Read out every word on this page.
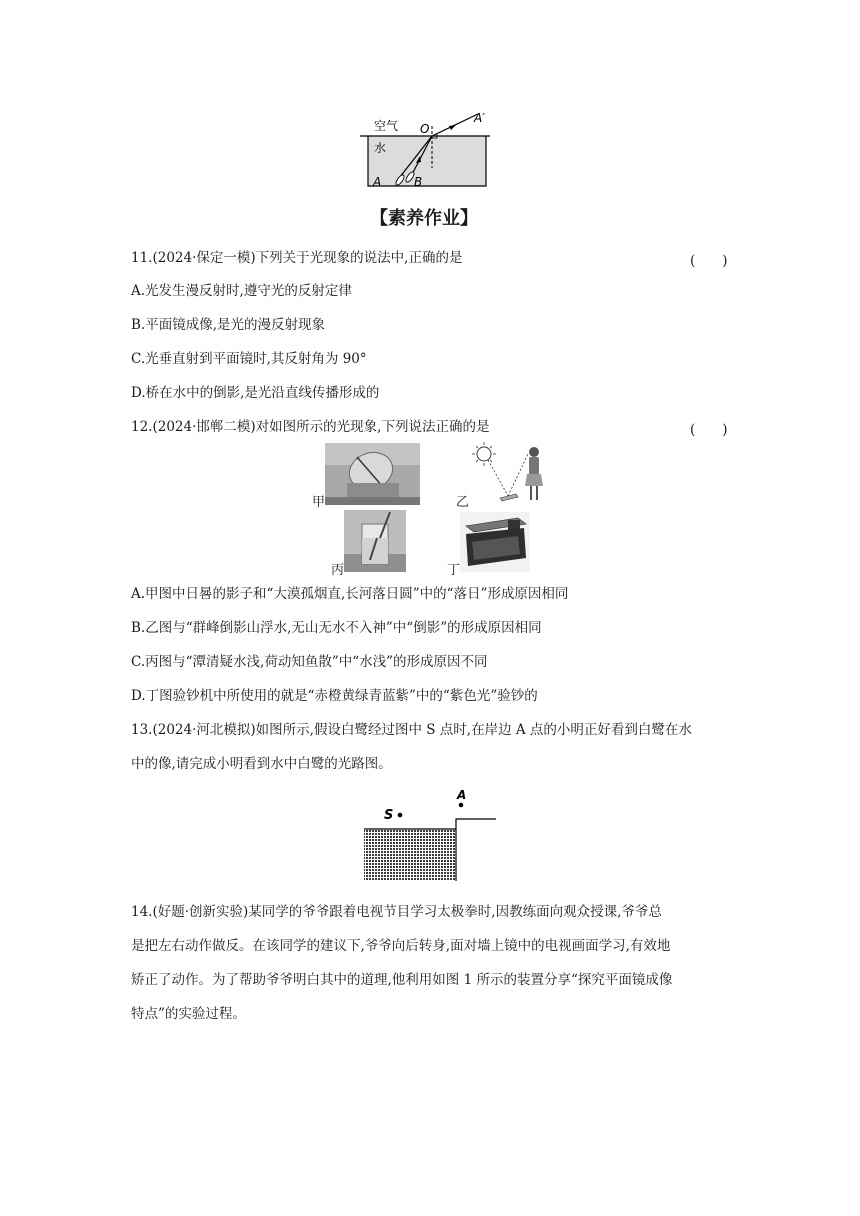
空气
水
O
A′
A	B
【素养作业】
11.(2024·保定一模)下列关于光现象的说法中,正确的是	(　　)
A.光发生漫反射时,遵守光的反射定律
B.平面镜成像,是光的漫反射现象
C.光垂直射到平面镜时,其反射角为 90°
D.桥在水中的倒影,是光沿直线传播形成的
12.(2024·邯郸二模)对如图所示的光现象,下列说法正确的是	(　　)
甲	乙
丙	丁
A.甲图中日晷的影子和“大漠孤烟直,长河落日圆”中的“落日”形成原因相同
B.乙图与“群峰倒影山浮水,无山无水不入神”中“倒影”的形成原因相同
C.丙图与“潭清疑水浅,荷动知鱼散”中“水浅”的形成原因不同
D.丁图验钞机中所使用的就是“赤橙黄绿青蓝紫”中的“紫色光”验钞的
13.(2024·河北模拟)如图所示,假设白鹭经过图中 S 点时,在岸边 A 点的小明正好看到白鹭在水
中的像,请完成小明看到水中白鹭的光路图。
S
A
14.(好题·创新实验)某同学的爷爷跟着电视节目学习太极拳时,因教练面向观众授课,爷爷总
是把左右动作做反。在该同学的建议下,爷爷向后转身,面对墙上镜中的电视画面学习,有效地
矫正了动作。为了帮助爷爷明白其中的道理,他利用如图 1 所示的装置分享“探究平面镜成像
特点”的实验过程。
